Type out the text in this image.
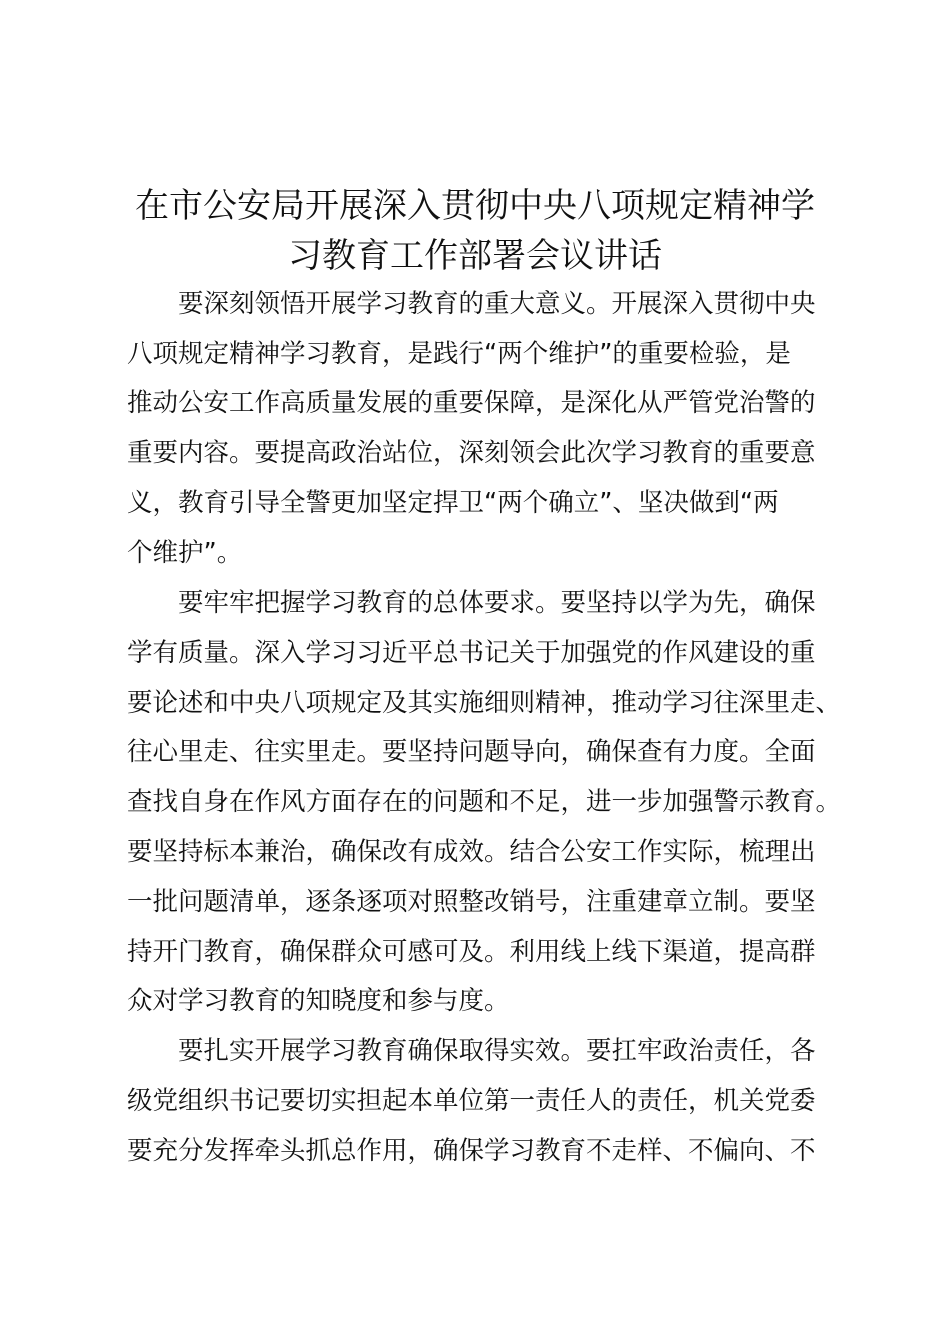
在市公安局开展深入贯彻中央八项规定精神学
习教育工作部署会议讲话
要深刻领悟开展学习教育的重大意义。开展深入贯彻中央
八项规定精神学习教育，是践行“两个维护”的重要检验，是
推动公安工作高质量发展的重要保障，是深化从严管党治警的
重要内容。要提高政治站位，深刻领会此次学习教育的重要意
义，教育引导全警更加坚定捍卫“两个确立”、坚决做到“两
个维护”。
要牢牢把握学习教育的总体要求。要坚持以学为先，确保
学有质量。深入学习习近平总书记关于加强党的作风建设的重
要论述和中央八项规定及其实施细则精神，推动学习往深里走、
往心里走、往实里走。要坚持问题导向，确保查有力度。全面
查找自身在作风方面存在的问题和不足，进一步加强警示教育。
要坚持标本兼治，确保改有成效。结合公安工作实际，梳理出
一批问题清单，逐条逐项对照整改销号，注重建章立制。要坚
持开门教育，确保群众可感可及。利用线上线下渠道，提高群
众对学习教育的知晓度和参与度。
要扎实开展学习教育确保取得实效。要扛牢政治责任，各
级党组织书记要切实担起本单位第一责任人的责任，机关党委
要充分发挥牵头抓总作用，确保学习教育不走样、不偏向、不
